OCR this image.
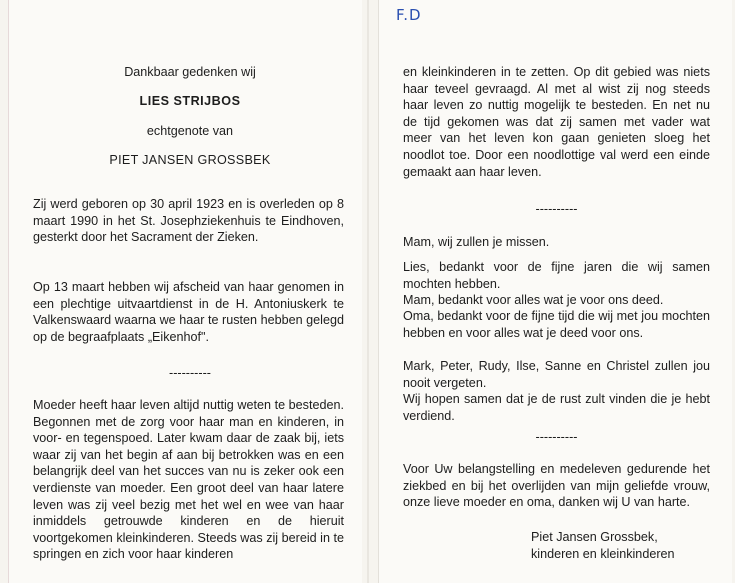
F.D

Dankbaar gedenken wij

LIES STRIJBOS

echtgenote van

PIET JANSEN GROSSBEK

Zij werd geboren op 30 april 1923 en is overleden op 8 maart 1990 in het St. Josephziekenhuis te Eindhoven, gesterkt door het Sacrament der Zieken.

Op 13 maart hebben wij afscheid van haar genomen in een plechtige uitvaartdienst in de H. Antoniuskerk te Valkenswaard waarna we haar te rusten hebben gelegd op de begraafplaats „Eikenhof".

----------

Moeder heeft haar leven altijd nuttig weten te besteden. Begonnen met de zorg voor haar man en kinderen, in voor- en tegenspoed. Later kwam daar de zaak bij, iets waar zij van het begin af aan bij betrokken was en een belangrijk deel van het succes van nu is zeker ook een verdienste van moeder. Een groot deel van haar latere leven was zij veel bezig met het wel en wee van haar inmiddels getrouwde kinderen en de hieruit voortgekomen kleinkinderen. Steeds was zij bereid in te springen en zich voor haar kinderen

en kleinkinderen in te zetten. Op dit gebied was niets haar teveel gevraagd. Al met al wist zij nog steeds haar leven zo nuttig mogelijk te besteden. En net nu de tijd gekomen was dat zij samen met vader wat meer van het leven kon gaan genieten sloeg het noodlot toe. Door een noodlottige val werd een einde gemaakt aan haar leven.

----------

Mam, wij zullen je missen.

Lies, bedankt voor de fijne jaren die wij samen mochten hebben.

Mam, bedankt voor alles wat je voor ons deed.

Oma, bedankt voor de fijne tijd die wij met jou mochten hebben en voor alles wat je deed voor ons.

Mark, Peter, Rudy, Ilse, Sanne en Christel zullen jou nooit vergeten.

Wij hopen samen dat je de rust zult vinden die je hebt verdiend.

----------

Voor Uw belangstelling en medeleven gedurende het ziekbed en bij het overlijden van mijn geliefde vrouw, onze lieve moeder en oma, danken wij U van harte.

Piet Jansen Grossbek,

kinderen en kleinkinderen
